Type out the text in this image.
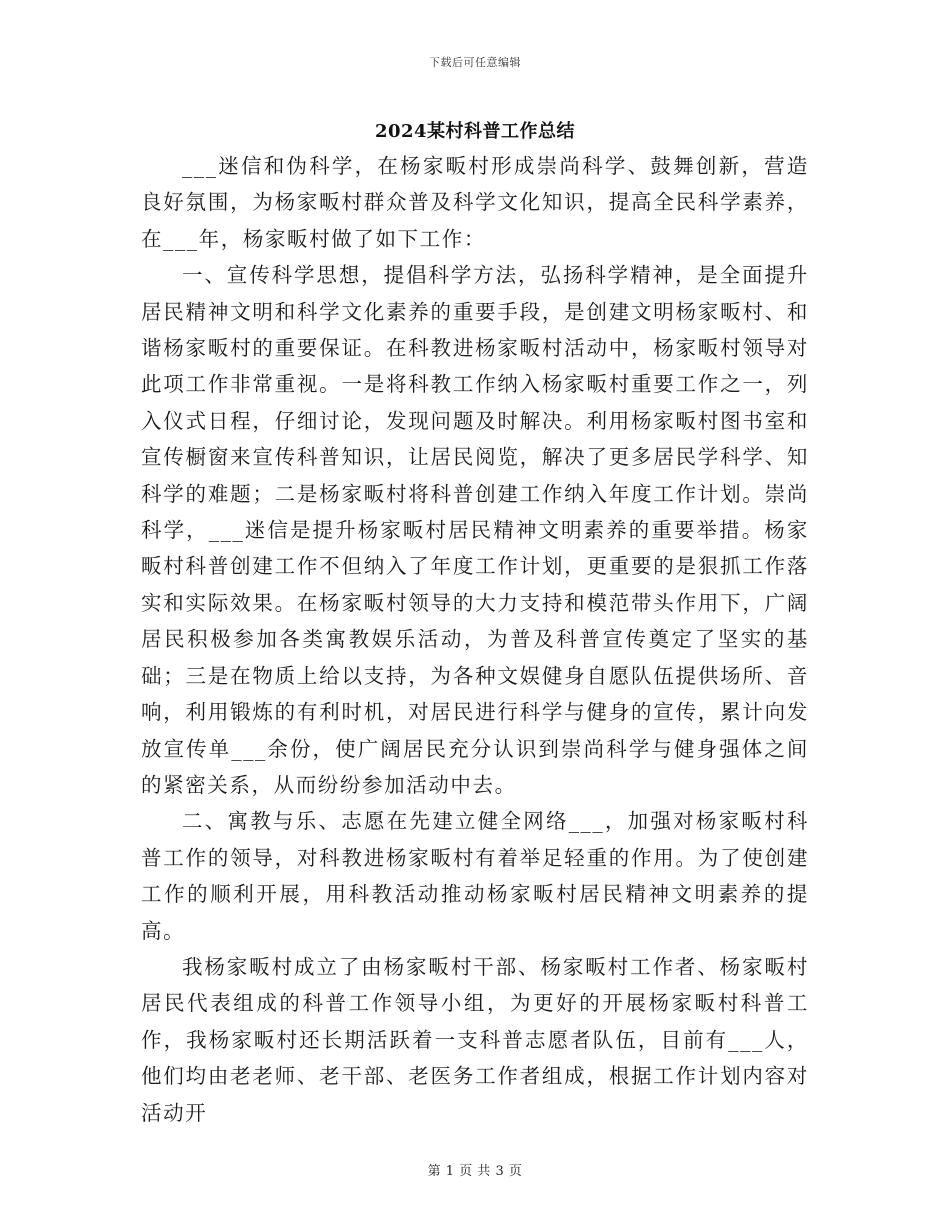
下载后可任意编辑
2024某村科普工作总结

___迷信和伪科学，在杨家畈村形成崇尚科学、鼓舞创新，营造良好氛围，为杨家畈村群众普及科学文化知识，提高全民科学素养，在___年，杨家畈村做了如下工作：

一、宣传科学思想，提倡科学方法，弘扬科学精神，是全面提升居民精神文明和科学文化素养的重要手段，是创建文明杨家畈村、和谐杨家畈村的重要保证。在科教进杨家畈村活动中，杨家畈村领导对此项工作非常重视。一是将科教工作纳入杨家畈村重要工作之一，列入仪式日程，仔细讨论，发现问题及时解决。利用杨家畈村图书室和宣传橱窗来宣传科普知识，让居民阅览，解决了更多居民学科学、知科学的难题；二是杨家畈村将科普创建工作纳入年度工作计划。崇尚科学，___迷信是提升杨家畈村居民精神文明素养的重要举措。杨家畈村科普创建工作不但纳入了年度工作计划，更重要的是狠抓工作落实和实际效果。在杨家畈村领导的大力支持和模范带头作用下，广阔居民积极参加各类寓教娱乐活动，为普及科普宣传奠定了坚实的基础；三是在物质上给以支持，为各种文娱健身自愿队伍提供场所、音响，利用锻炼的有利时机，对居民进行科学与健身的宣传，累计向发放宣传单___余份，使广阔居民充分认识到崇尚科学与健身强体之间的紧密关系，从而纷纷参加活动中去。

二、寓教与乐、志愿在先建立健全网络___，加强对杨家畈村科普工作的领导，对科教进杨家畈村有着举足轻重的作用。为了使创建工作的顺利开展，用科教活动推动杨家畈村居民精神文明素养的提高。

我杨家畈村成立了由杨家畈村干部、杨家畈村工作者、杨家畈村居民代表组成的科普工作领导小组，为更好的开展杨家畈村科普工作，我杨家畈村还长期活跃着一支科普志愿者队伍，目前有___人，他们均由老老师、老干部、老医务工作者组成，根据工作计划内容对活动开

第 1 页 共 3 页
